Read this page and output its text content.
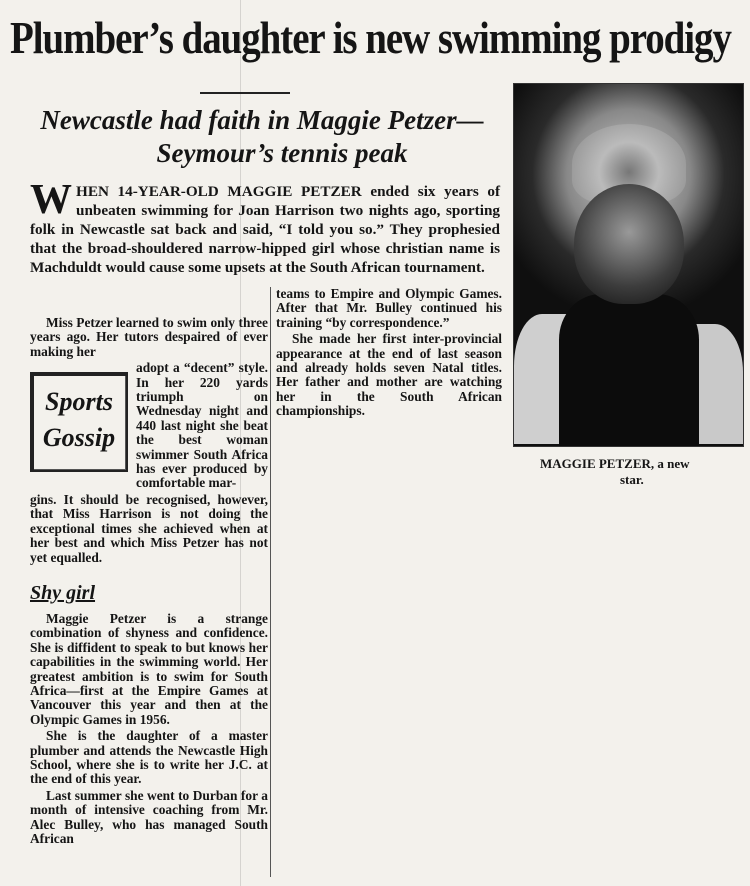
Plumber’s daughter is new swimming prodigy
Newcastle had faith in Maggie Petzer—
Seymour’s tennis peak
WHEN 14-YEAR-OLD MAGGIE PETZER ended six years of unbeaten swimming for Joan Harrison two nights ago, sporting folk in Newcastle sat back and said, “I told you so.” They prophesied that the broad-shouldered narrow-hipped girl whose christian name is Machduldt would cause some upsets at the South African tournament.

Miss Petzer learned to swim only three years ago. Her tutors despaired of ever making her

adopt a “decent” style. In her 220 yards triumph on Wednesday night and 440 last night she beat the best woman swimmer South Africa has ever produced by comfortable mar-

gins. It should be recognised, however, that Miss Harrison is not doing the exceptional times she achieved when at her best and which Miss Petzer has not yet equalled.

Sports
Gossip
Shy girl

Maggie Petzer is a strange combination of shyness and confidence. She is diffident to speak to but knows her capabilities in the swimming world. Her greatest ambition is to swim for South Africa—first at the Empire Games at Vancouver this year and then at the Olympic Games in 1956.

She is the daughter of a master plumber and attends the Newcastle High School, where she is to write her J.C. at the end of this year.

Last summer she went to Durban for a month of intensive coaching from Mr. Alec Bulley, who has managed South African

teams to Empire and Olympic Games. After that Mr. Bulley continued his training “by correspondence.”

She made her first inter-provincial appearance at the end of last season and already holds seven Natal titles. Her father and mother are watching her in the South African championships.

MAGGIE PETZER, a new
star.
